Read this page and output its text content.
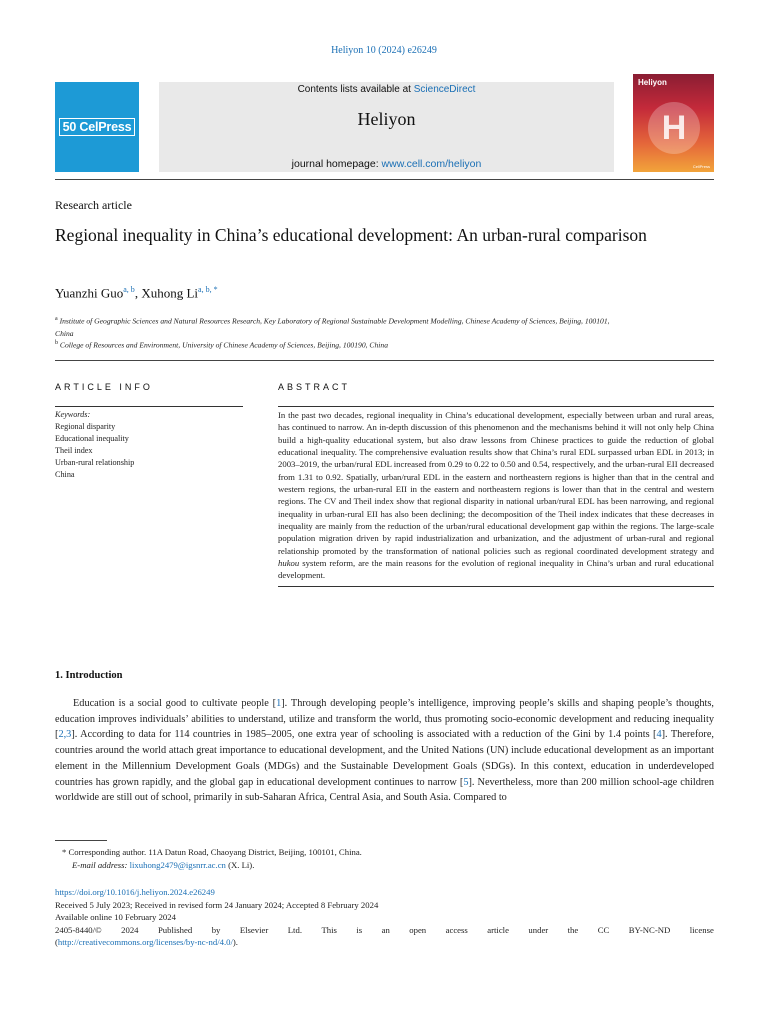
Heliyon 10 (2024) e26249
50 CelPress
Contents lists available at ScienceDirect
Heliyon
journal homepage: www.cell.com/heliyon
Heliyon
H
CellPress
Research article
Regional inequality in China’s educational development: An urban-rural comparison
Yuanzhi Guo$^{a, b}$, Xuhong $Li^{a, b, *}$
$^a$ Institute of Geographic Sciences and Natural Resources Research, Key Laboratory of Regional Sustainable Development Modelling, Chinese Academy of Sciences, Beijing, 100101, China
$^b$ College of Resources and Environment, University of Chinese Academy of Sciences, Beijing, 100190, China
ARTICLE INFO	ABSTRACT
Keywords:
Regional disparity
Educational inequality
Theil index
Urban-rural relationship
China
In the past two decades, regional inequality in China’s educational development, especially between urban and rural areas, has continued to narrow. An in-depth discussion of this phenomenon and the mechanisms behind it will not only help China build a high-quality educational system, but also draw lessons from Chinese practices to guide the reduction of global educational inequality. The comprehensive evaluation results show that China’s rural EDL surpassed urban EDL in 2013; in 2003–2019, the urban/rural EDL increased from 0.29 to 0.22 to 0.50 and 0.54, respectively, and the urban-rural EII decreased from 1.31 to 0.92. Spatially, urban/rural EDL in the eastern and northeastern regions is higher than that in the central and western regions, the urban-rural EII in the eastern and northeastern regions is lower than that in the central and western regions. The CV and Theil index show that regional disparity in national urban/rural EDL has been narrowing, and regional inequality in urban-rural EII has also been declining; the decomposition of the Theil index indicates that these decreases in inequality are mainly from the reduction of the urban/rural educational development gap within the regions. The large-scale population migration driven by rapid industrialization and urbanization, and the adjustment of urban-rural and regional relationship promoted by the transformation of national policies such as regional coordinated development strategy and hukou system reform, are the main reasons for the evolution of regional inequality in China’s urban and rural educational development.
1. Introduction

Education is a social good to cultivate people [1]. Through developing people’s intelligence, improving people’s skills and shaping people’s thoughts, education improves individuals’ abilities to understand, utilize and transform the world, thus promoting socio-economic development and reducing inequality [2,3]. According to data for 114 countries in 1985–2005, one extra year of schooling is associated with a reduction of the Gini by 1.4 points [4]. Therefore, countries around the world attach great importance to educational development, and the United Nations (UN) include educational development as an important element in the Millennium Development Goals (MDGs) and the Sustainable Development Goals (SDGs). In this context, education in underdeveloped countries has grown rapidly, and the global gap in educational development continues to narrow [5]. Nevertheless, more than 200 million school-age children worldwide are still out of school, primarily in sub-Saharan Africa, Central Asia, and South Asia. Compared to

* Corresponding author. 11A Datun Road, Chaoyang District, Beijing, 100101, China.
E-mail address: lixuhong2479@igsnrr.ac.cn (X. Li).
https://doi.org/10.1016/j.heliyon.2024.e26249
Received 5 July 2023; Received in revised form 24 January 2024; Accepted 8 February 2024
Available online 10 February 2024
2405-8440/© 2024 Published by Elsevier Ltd. This is an open access article under the CC BY-NC-ND license
(http://creativecommons.org/licenses/by-nc-nd/4.0/).
